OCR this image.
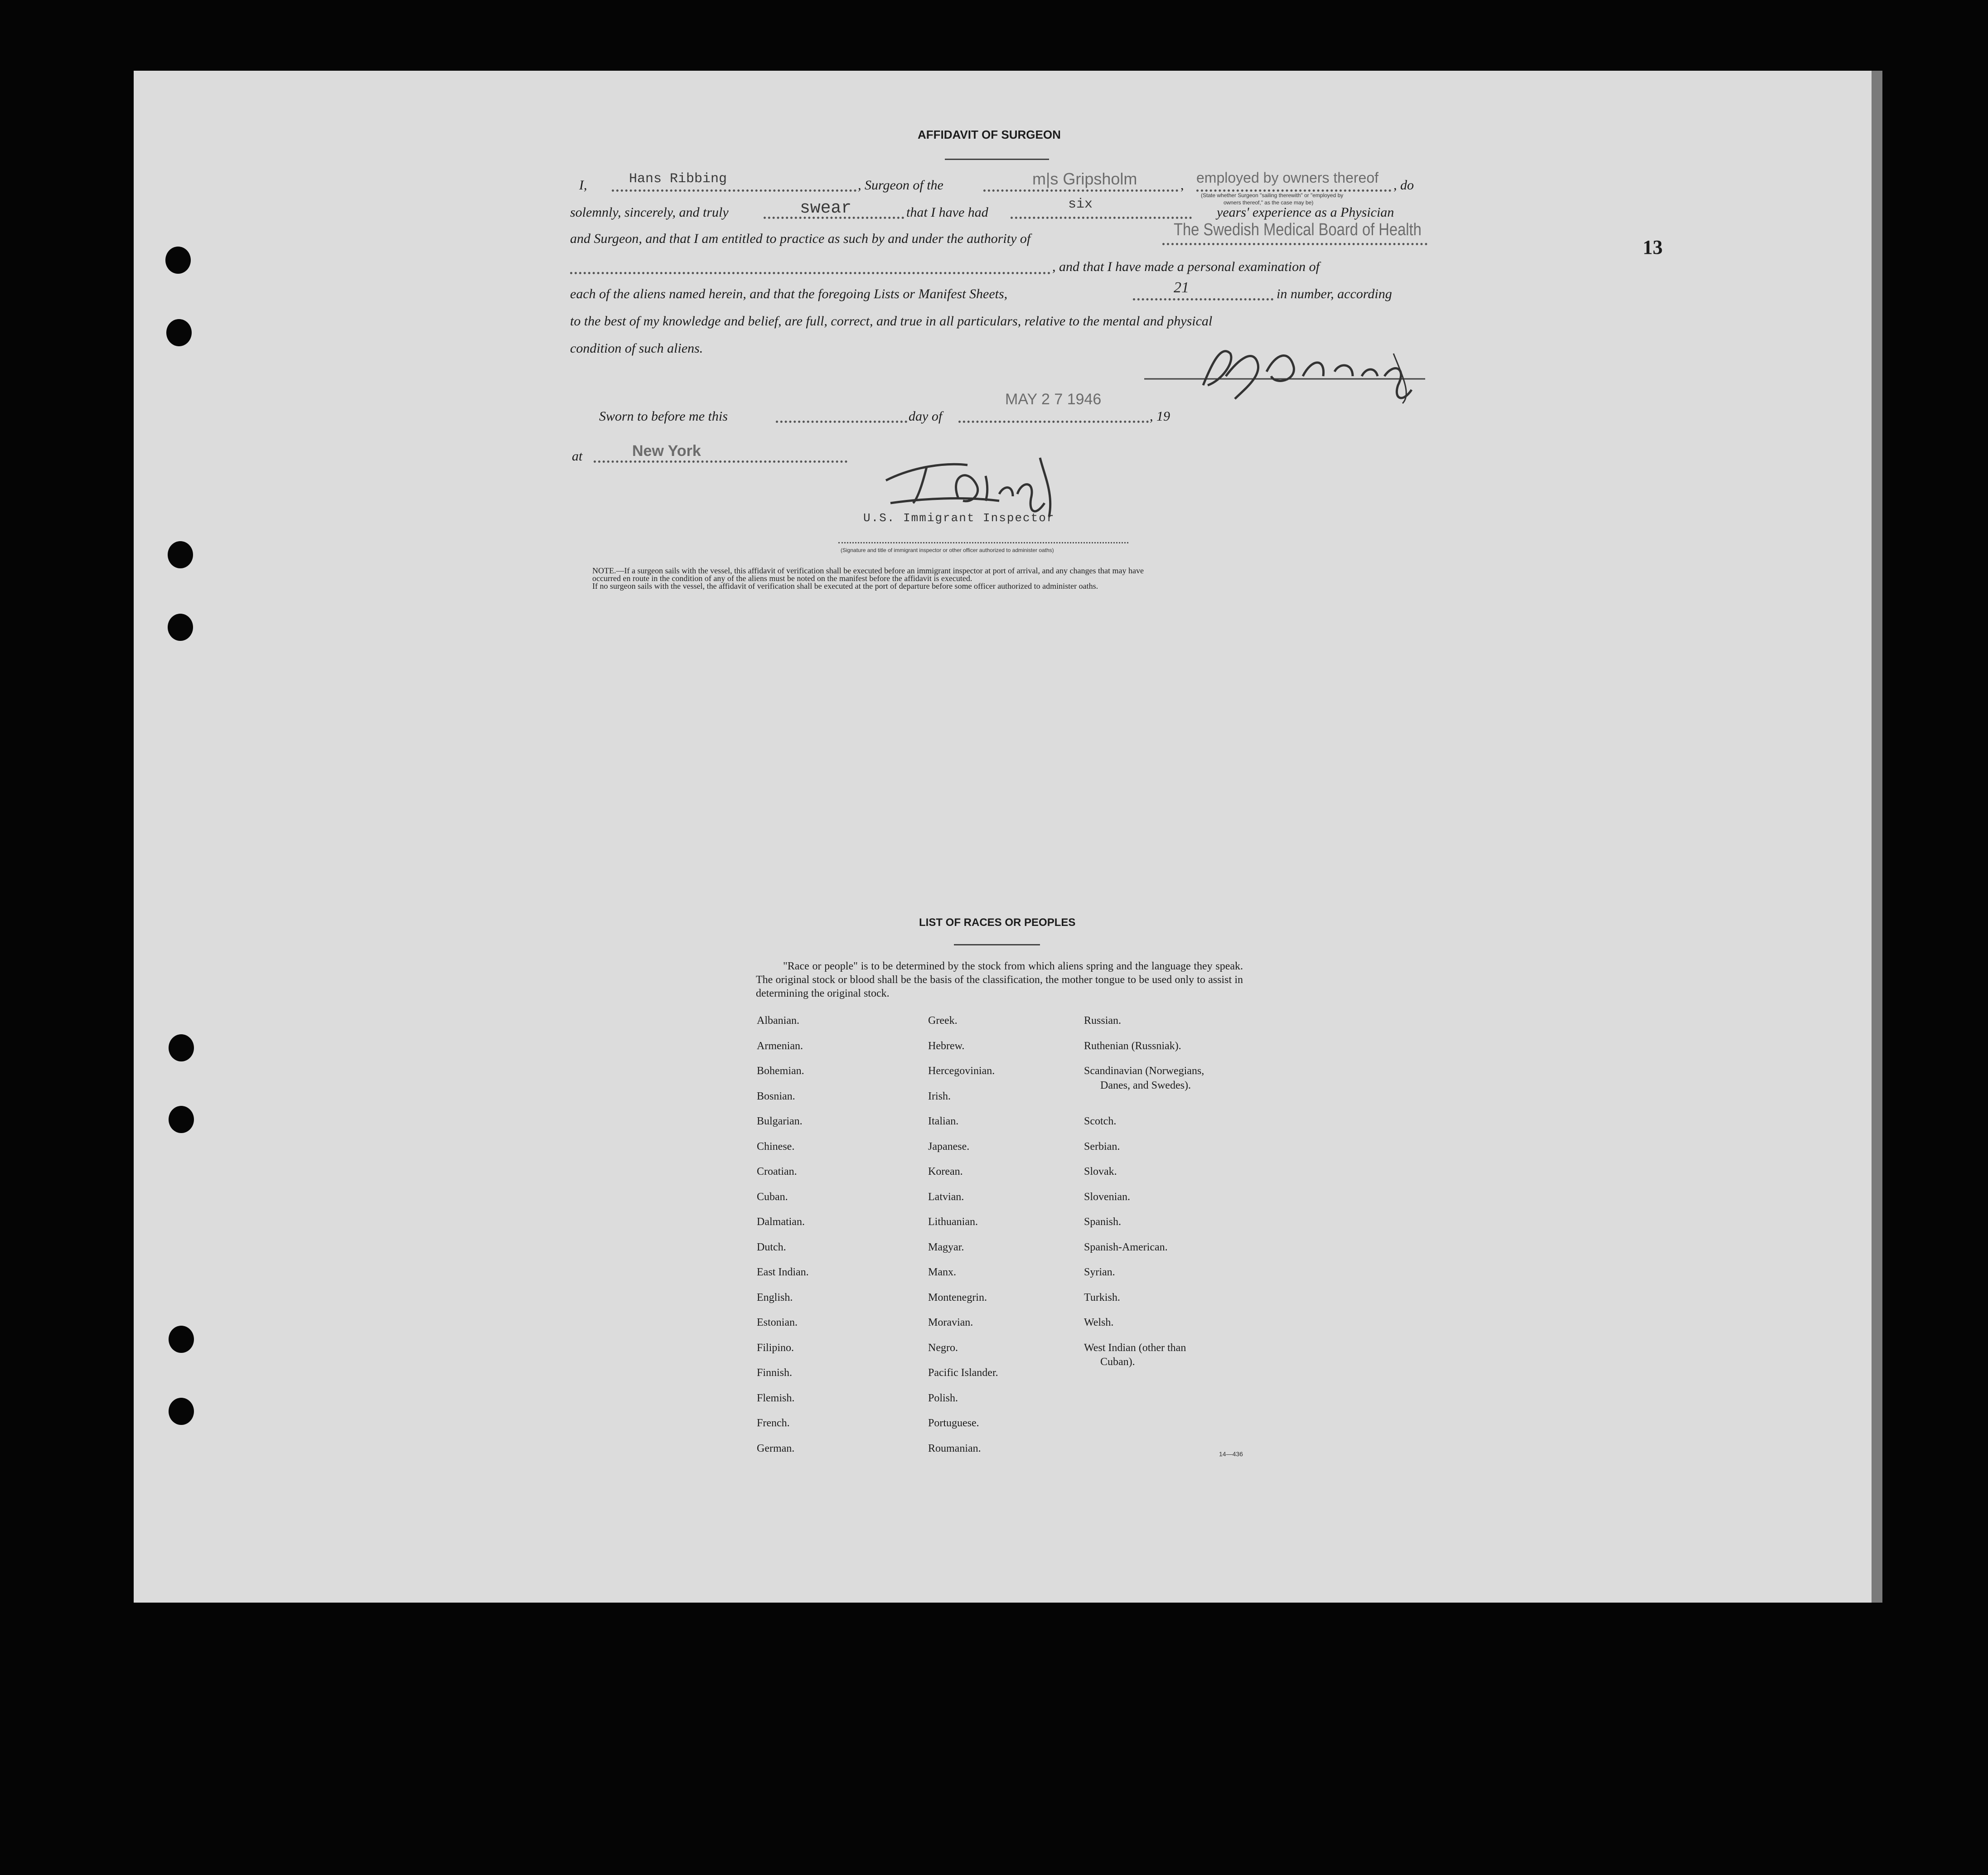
13
AFFIDAVIT OF SURGEON
I,	Hans Ribbing	, Surgeon of the	m|s Gripsholm	, employed by owners thereof , do
(State whether Surgeon "sailing therewith" or "employed by
owners thereof," as the case may be)
solemnly, sincerely, and truly	swear	that I have had
six
years' experience as a Physician
and Surgeon, and that I am entitled to practice as such by and under the authority of	The Swedish Medical Board of Health
, and that I have made a personal examination of
each of the aliens named herein, and that the foregoing Lists or Manifest Sheets,	21	in number, according
to the best of my knowledge and belief, are full, correct, and true in all particulars, relative to the mental and physical
condition of such aliens.
Sworn to before me this	day of
MAY 2 7 1946
, 19
at	New York
U.S. Immigrant Inspector
(Signature and title of immigrant inspector or other officer authorized to administer oaths)
NOTE.—If a surgeon sails with the vessel, this affidavit of verification shall be executed before an immigrant inspector at port of arrival, and any changes that may have
occurred en route in the condition of any of the aliens must be noted on the manifest before the affidavit is executed.
If no surgeon sails with the vessel, the affidavit of verification shall be executed at the port of departure before some officer authorized to administer oaths.
LIST OF RACES OR PEOPLES
"Race or people" is to be determined by the stock from which aliens spring and the language they speak. The original stock or blood shall be the basis of the classification, the mother tongue to be used only to assist in determining the original stock.
Albanian.
Armenian.
Bohemian.
Bosnian.
Bulgarian.
Chinese.
Croatian.
Cuban.
Dalmatian.
Dutch.
East Indian.
English.
Estonian.
Filipino.
Finnish.
Flemish.
French.
German.
Greek.
Hebrew.
Hercegovinian.
Irish.
Italian.
Japanese.
Korean.
Latvian.
Lithuanian.
Magyar.
Manx.
Montenegrin.
Moravian.
Negro.
Pacific Islander.
Polish.
Portuguese.
Roumanian.
Russian.
Ruthenian (Russniak).
Scandinavian (Norwegians,
Danes, and Swedes).
Scotch.
Serbian.
Slovak.
Slovenian.
Spanish.
Spanish-American.
Syrian.
Turkish.
Welsh.
West Indian (other than
Cuban).
14—436
